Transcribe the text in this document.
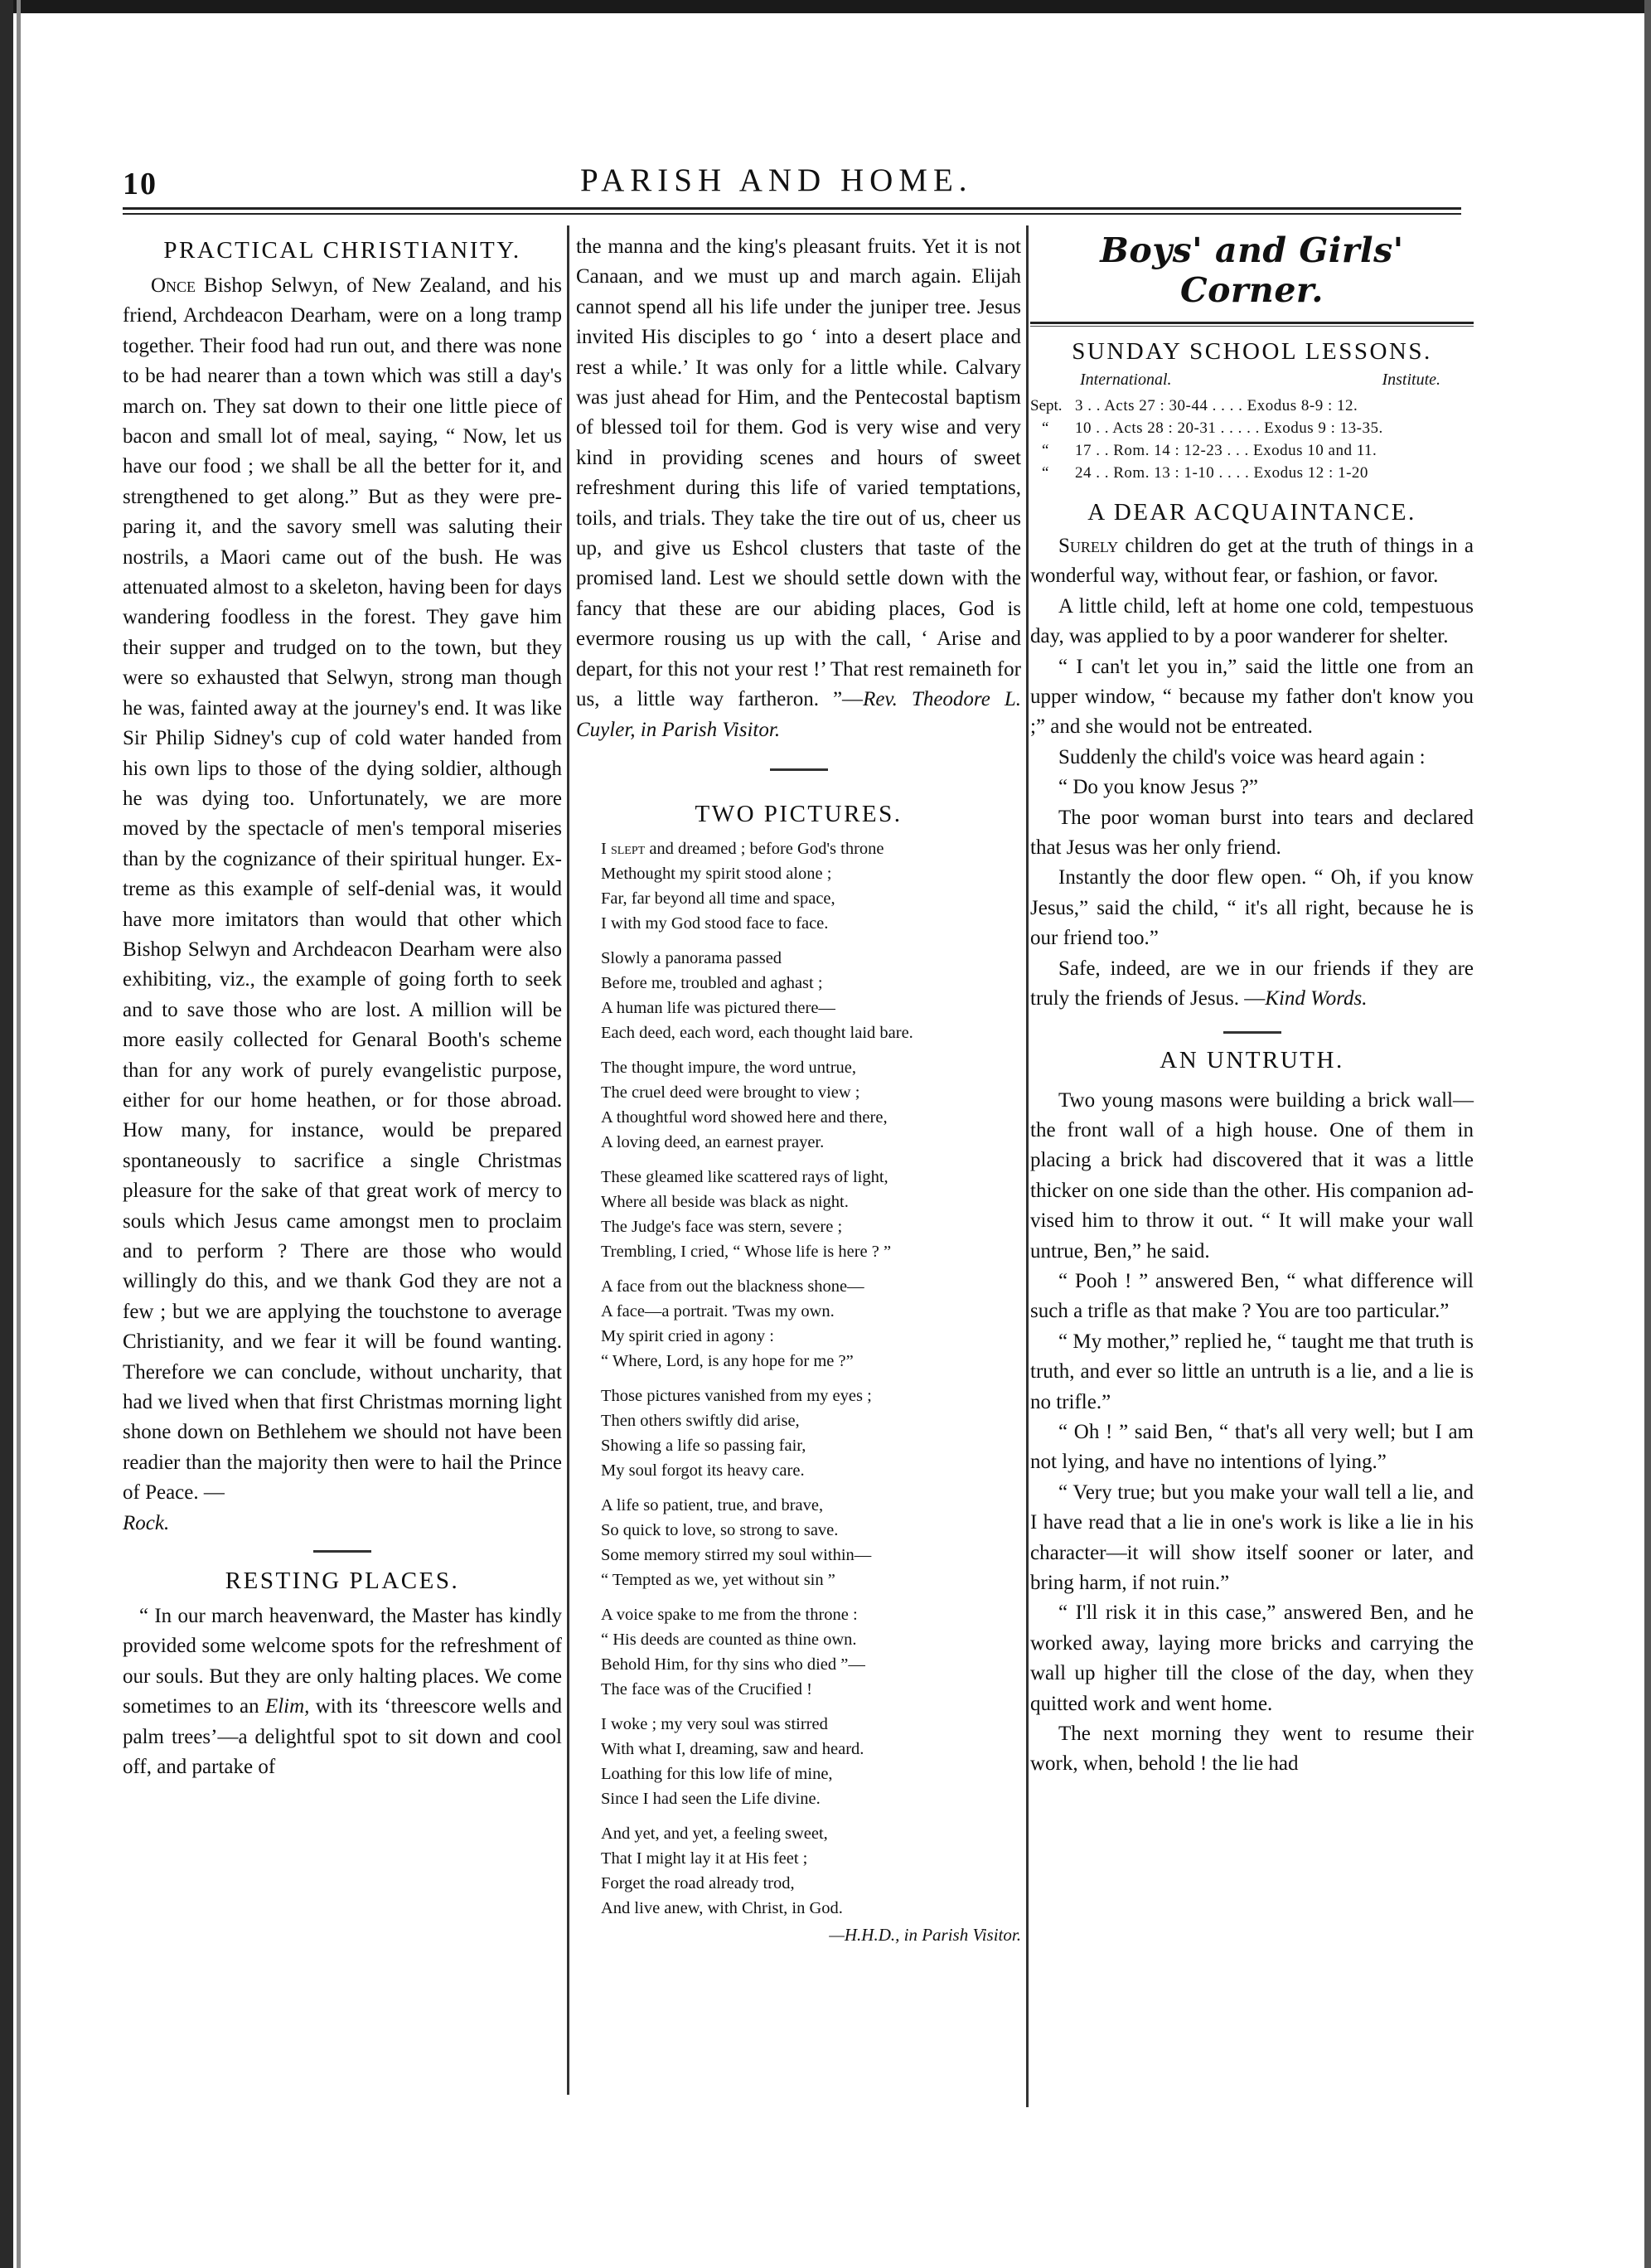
10	PARISH AND HOME.
PRACTICAL CHRISTIANITY.

Once Bishop Selwyn, of New Zealand, and his friend, Archdeacon Dearham, were on a long tramp together. Their food had run out, and there was none to be had nearer than a town which was still a day's march on. They sat down to their one little piece of bacon and small lot of meal, saying, “ Now, let us have our food ; we shall be all the better for it, and strengthened to get along.” But as they were preparing it, and the savory smell was saluting their nostrils, a Maori came out of the bush. He was attenuated almost to a skeleton, having been for days wandering foodless in the forest. They gave him their supper and trudged on to the town, but they were so exhausted that Selwyn, strong man though he was, fainted away at the journey's end. It was like Sir Philip Sidney's cup of cold water handed from his own lips to those of the dying soldier, although he was dying too. Unfortunately, we are more moved by the spectacle of men's temporal miseries than by the cognizance of their spiritual hunger. Extreme as this example of self-denial was, it would have more imitators than would that other which Bishop Selwyn and Archdeacon Dearham were also exhibiting, viz., the example of going forth to seek and to save those who are lost. A million will be more easily collected for Genaral Booth's scheme than for any work of purely evangelistic purpose, either for our home heathen, or for those abroad. How many, for instance, would be prepared spontaneously to sacrifice a single Christmas pleasure for the sake of that great work of mercy to souls which Jesus came amongst men to proclaim and to perform ? There are those who would willingly do this, and we thank God they are not a few ; but we are applying the touchstone to average Christianity, and we fear it will be found wanting. Therefore we can conclude, without uncharity, that had we lived when that first Christmas morning light shone down on Bethlehem we should not have been readier than the majority then were to hail the Prince of Peace. —
Rock.

RESTING PLACES.

“ In our march heavenward, the Master has kindly provided some welcome spots for the refreshment of our souls. But they are only halting places. We come sometimes to an Elim, with its ‘threescore wells and palm trees’—a delightful spot to sit down and cool off, and partake of

the manna and the king's pleasant fruits. Yet it is not Canaan, and we must up and march again. Elijah cannot spend all his life under the juniper tree. Jesus invited His disciples to go ‘ into a desert place and rest a while.’ It was only for a little while. Calvary was just ahead for Him, and the Pentecostal baptism of blessed toil for them. God is very wise and very kind in providing scenes and hours of sweet refreshment during this life of varied temptations, toils, and trials. They take the tire out of us, cheer us up, and give us Eshcol clusters that taste of the promised land. Lest we should settle down with the fancy that these are our abiding places, God is evermore rousing us up with the call, ‘ Arise and depart, for this not your rest !’ That rest remaineth for us, a little way fartheron. ”—Rev. Theodore L. Cuyler, in Parish Visitor.

TWO PICTURES.
I slept and dreamed ; before God's throne
Methought my spirit stood alone ;
Far, far beyond all time and space,
I with my God stood face to face.
Slowly a panorama passed
Before me, troubled and aghast ;
A human life was pictured there—
Each deed, each word, each thought laid bare.
The thought impure, the word untrue,
The cruel deed were brought to view ;
A thoughtful word showed here and there,
A loving deed, an earnest prayer.
These gleamed like scattered rays of light,
Where all beside was black as night.
The Judge's face was stern, severe ;
Trembling, I cried, “ Whose life is here ? ”
A face from out the blackness shone—
A face—a portrait. 'Twas my own.
My spirit cried in agony :
“ Where, Lord, is any hope for me ?”
Those pictures vanished from my eyes ;
Then others swiftly did arise,
Showing a life so passing fair,
My soul forgot its heavy care.
A life so patient, true, and brave,
So quick to love, so strong to save.
Some memory stirred my soul within—
“ Tempted as we, yet without sin ”
A voice spake to me from the throne :
“ His deeds are counted as thine own.
Behold Him, for thy sins who died ”—
The face was of the Crucified !
I woke ; my very soul was stirred
With what I, dreaming, saw and heard.
Loathing for this low life of mine,
Since I had seen the Life divine.
And yet, and yet, a feeling sweet,
That I might lay it at His feet ;
Forget the road already trod,
And live anew, with Christ, in God.

—H.H.D., in Parish Visitor.

Boys' and Girls' Corner.
SUNDAY SCHOOL LESSONS.
International.	Institute.
Sept. 3 . . Acts 27 : 30-44 . . . . Exodus 8-9 : 12.
“	10 . . Acts 28 : 20-31 . . . . . Exodus 9 : 13-35.
“	17 . . Rom. 14 : 12-23 . . . Exodus 10 and 11.
“	24 . . Rom. 13 : 1-10 . . . . Exodus 12 : 1-20
A DEAR ACQUAINTANCE.

Surely children do get at the truth of things in a wonderful way, without fear, or fashion, or favor.

A little child, left at home one cold, tempestuous day, was applied to by a poor wanderer for shelter.

“ I can't let you in,” said the little one from an upper window, “ because my father don't know you ;” and she would not be entreated.

Suddenly the child's voice was heard again :

“ Do you know Jesus ?”

The poor woman burst into tears and declared that Jesus was her only friend.

Instantly the door flew open. “ Oh, if you know Jesus,” said the child, “ it's all right, because he is our friend too.”

Safe, indeed, are we in our friends if they are truly the friends of Jesus. —Kind Words.

AN UNTRUTH.

Two young masons were building a brick wall—the front wall of a high house. One of them in placing a brick had discovered that it was a little thicker on one side than the other. His companion advised him to throw it out. “ It will make your wall untrue, Ben,” he said.

“ Pooh ! ” answered Ben, “ what difference will such a trifle as that make ? You are too particular.”

“ My mother,” replied he, “ taught me that truth is truth, and ever so little an untruth is a lie, and a lie is no trifle.”

“ Oh ! ” said Ben, “ that's all very well; but I am not lying, and have no intentions of lying.”

“ Very true; but you make your wall tell a lie, and I have read that a lie in one's work is like a lie in his character—it will show itself sooner or later, and bring harm, if not ruin.”

“ I'll risk it in this case,” answered Ben, and he worked away, laying more bricks and carrying the wall up higher till the close of the day, when they quitted work and went home.

The next morning they went to resume their work, when, behold ! the lie had
